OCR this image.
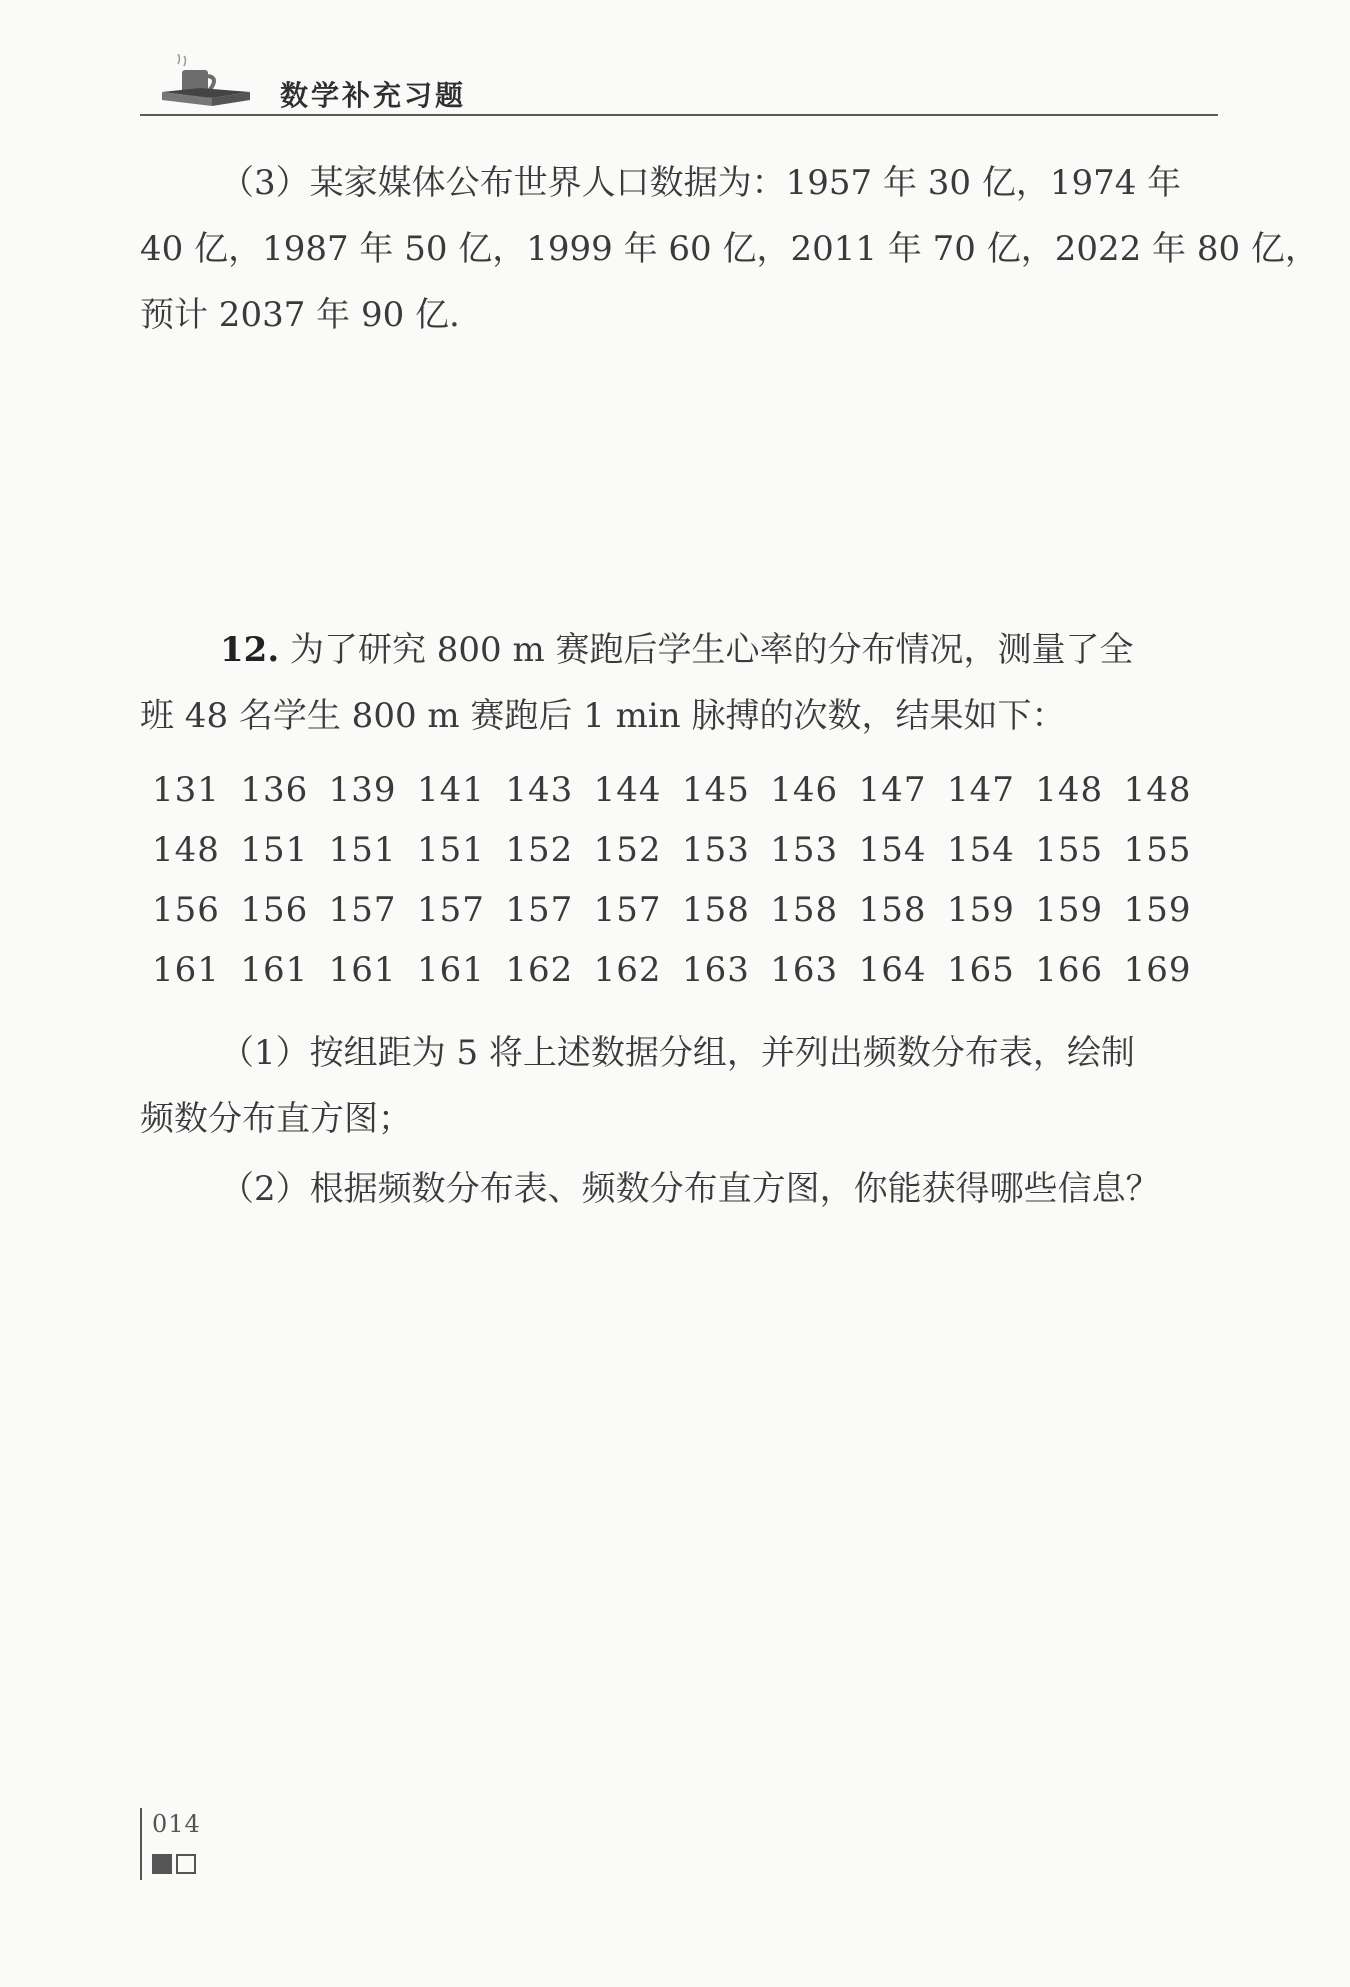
数学补充习题
（3）某家媒体公布世界人口数据为：1957 年 30 亿，1974 年
40 亿，1987 年 50 亿，1999 年 60 亿，2011 年 70 亿，2022 年 80 亿，
预计 2037 年 90 亿.
12. 为了研究 800 m 赛跑后学生心率的分布情况，测量了全
班 48 名学生 800 m 赛跑后 1 min 脉搏的次数，结果如下：
131 136 139 141 143 144 145 146 147 147 148 148
148 151 151 151 152 152 153 153 154 154 155 155
156 156 157 157 157 157 158 158 158 159 159 159
161 161 161 161 162 162 163 163 164 165 166 169
（1）按组距为 5 将上述数据分组，并列出频数分布表，绘制
频数分布直方图；
（2）根据频数分布表、频数分布直方图，你能获得哪些信息？
014
